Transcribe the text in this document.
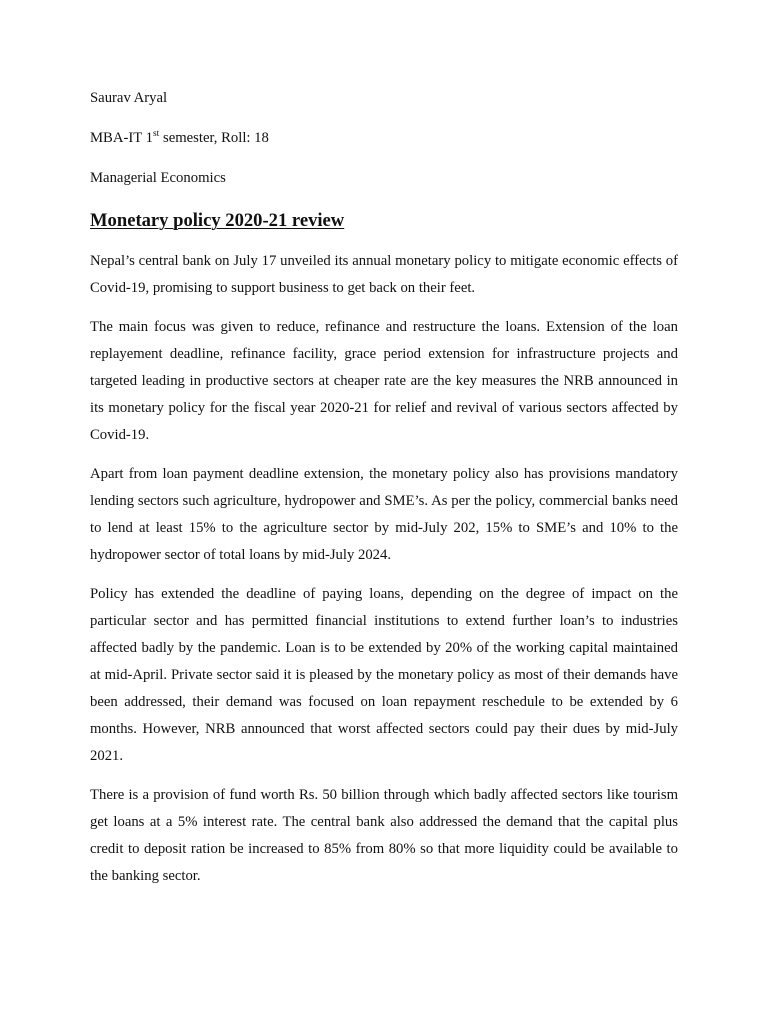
Saurav Aryal

MBA-IT 1st semester, Roll: 18

Managerial Economics

Monetary policy 2020-21 review

Nepal’s central bank on July 17 unveiled its annual monetary policy to mitigate economic effects of Covid-19, promising to support business to get back on their feet.

The main focus was given to reduce, refinance and restructure the loans. Extension of the loan replayement deadline, refinance facility, grace period extension for infrastructure projects and targeted leading in productive sectors at cheaper rate are the key measures the NRB announced in its monetary policy for the fiscal year 2020-21 for relief and revival of various sectors affected by Covid-19.

Apart from loan payment deadline extension, the monetary policy also has provisions mandatory lending sectors such agriculture, hydropower and SME’s. As per the policy, commercial banks need to lend at least 15% to the agriculture sector by mid-July 202, 15% to SME’s and 10% to the hydropower sector of total loans by mid-July 2024.

Policy has extended the deadline of paying loans, depending on the degree of impact on the particular sector and has permitted financial institutions to extend further loan’s to industries affected badly by the pandemic. Loan is to be extended by 20% of the working capital maintained at mid-April. Private sector said it is pleased by the monetary policy as most of their demands have been addressed, their demand was focused on loan repayment reschedule to be extended by 6 months. However, NRB announced that worst affected sectors could pay their dues by mid-July 2021.

There is a provision of fund worth Rs. 50 billion through which badly affected sectors like tourism get loans at a 5% interest rate. The central bank also addressed the demand that the capital plus credit to deposit ration be increased to 85% from 80% so that more liquidity could be available to the banking sector.
